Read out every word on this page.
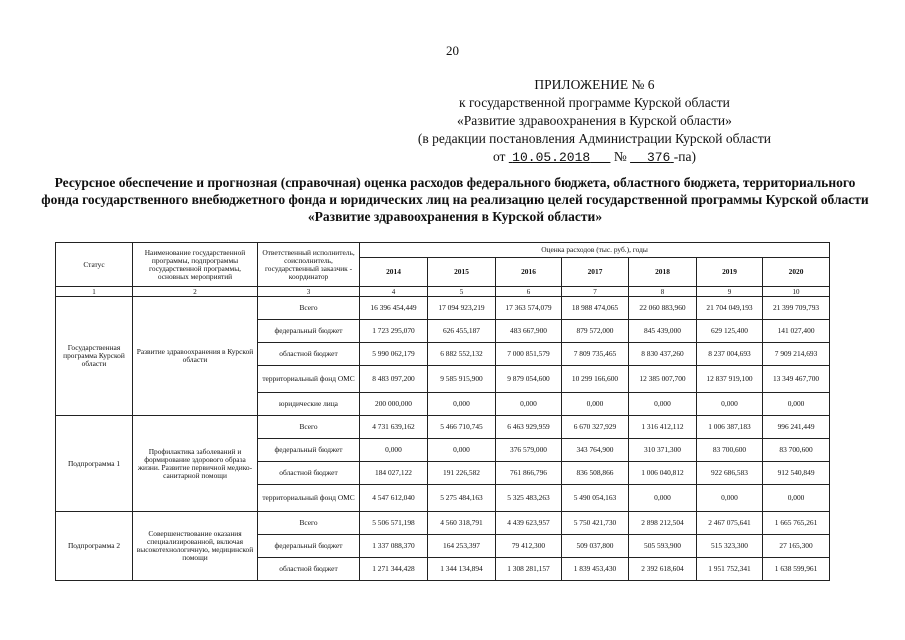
20
ПРИЛОЖЕНИЕ № 6
к государственной программе Курской области
«Развитие здравоохранения в Курской области»
(в редакции постановления Администрации Курской области
от 10.05.2018 № 376 -па)
Ресурсное обеспечение и прогнозная (справочная) оценка расходов федерального бюджета, областного бюджета, территориального фонда государственного внебюджетного фонда и юридических лиц на реализацию целей государственной программы Курской области «Развитие здравоохранения в Курской области»
Статус	Наименование государственной программы, подпрограммы государственной программы, основных мероприятий	Ответственный исполнитель, соисполнитель, государственный заказчик - координатор	Оценка расходов (тыс. руб.), годы						
			2014	2015	2016	2017	2018	2019	2020
1	2	3	4	5	6	7	8	9	10
Государственная программа Курской области	Развитие здравоохранения в Курской области	Всего	16 396 454,449	17 094 923,219	17 363 574,079	18 988 474,065	22 060 883,960	21 704 049,193	21 399 709,793
		федеральный бюджет	1 723 295,070	626 455,187	483 667,900	879 572,000	845 439,000	629 125,400	141 027,400
		областной бюджет	5 990 062,179	6 882 552,132	7 000 851,579	7 809 735,465	8 830 437,260	8 237 004,693	7 909 214,693
		территориальный фонд ОМС	8 483 097,200	9 585 915,900	9 879 054,600	10 299 166,600	12 385 007,700	12 837 919,100	13 349 467,700
		юридические лица	200 000,000	0,000	0,000	0,000	0,000	0,000	0,000
Подпрограмма 1	Профилактика заболеваний и формирование здорового образа жизни. Развитие первичной медико-санитарной помощи	Всего	4 731 639,162	5 466 710,745	6 463 929,959	6 670 327,929	1 316 412,112	1 006 387,183	996 241,449
		федеральный бюджет	0,000	0,000	376 579,000	343 764,900	310 371,300	83 700,600	83 700,600
		областной бюджет	184 027,122	191 226,582	761 866,796	836 508,866	1 006 040,812	922 686,583	912 540,849
		территориальный фонд ОМС	4 547 612,040	5 275 484,163	5 325 483,263	5 490 054,163	0,000	0,000	0,000
Подпрограмма 2	Совершенствование оказания специализированной, включая высокотехнологичную, медицинской помощи	Всего	5 506 571,198	4 560 318,791	4 439 623,957	5 750 421,730	2 898 212,504	2 467 075,641	1 665 765,261
		федеральный бюджет	1 337 088,370	164 253,397	79 412,300	509 037,800	505 593,900	515 323,300	27 165,300
		областной бюджет	1 271 344,428	1 344 134,894	1 308 281,157	1 839 453,430	2 392 618,604	1 951 752,341	1 638 599,961
